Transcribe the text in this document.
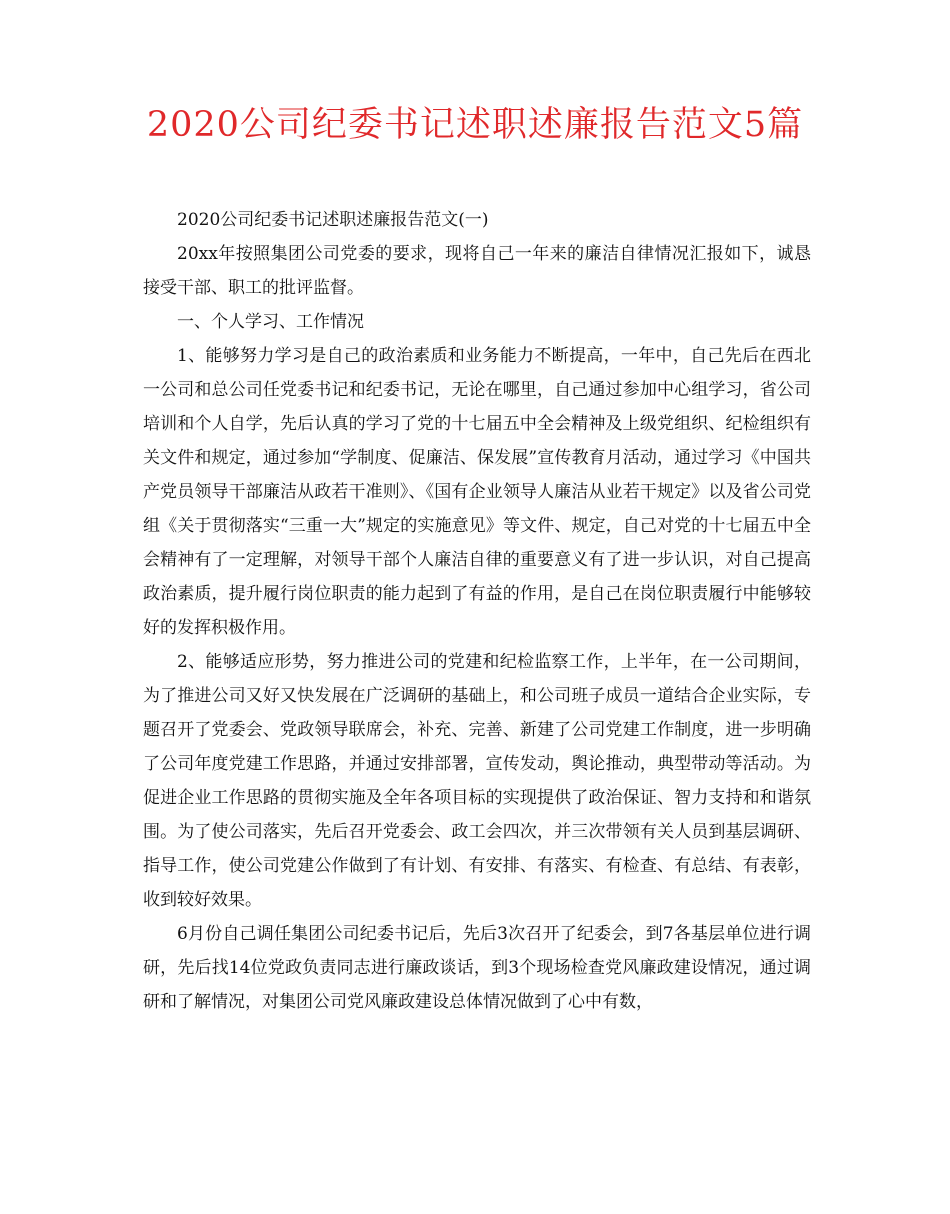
2020公司纪委书记述职述廉报告范文5篇

2020公司纪委书记述职述廉报告范文(一)

20xx年按照集团公司党委的要求，现将自己一年来的廉洁自律情况汇报如下，诚恳接受干部、职工的批评监督。

一、个人学习、工作情况

1、能够努力学习是自己的政治素质和业务能力不断提高，一年中，自己先后在西北一公司和总公司任党委书记和纪委书记，无论在哪里，自己通过参加中心组学习，省公司培训和个人自学，先后认真的学习了党的十七届五中全会精神及上级党组织、纪检组织有关文件和规定，通过参加“学制度、促廉洁、保发展”宣传教育月活动，通过学习《中国共产党员领导干部廉洁从政若干准则》、《国有企业领导人廉洁从业若干规定》以及省公司党组《关于贯彻落实“三重一大”规定的实施意见》等文件、规定，自己对党的十七届五中全会精神有了一定理解，对领导干部个人廉洁自律的重要意义有了进一步认识，对自己提高政治素质，提升履行岗位职责的能力起到了有益的作用，是自己在岗位职责履行中能够较好的发挥积极作用。

2、能够适应形势，努力推进公司的党建和纪检监察工作，上半年，在一公司期间，为了推进公司又好又快发展在广泛调研的基础上，和公司班子成员一道结合企业实际，专题召开了党委会、党政领导联席会，补充、完善、新建了公司党建工作制度，进一步明确了公司年度党建工作思路，并通过安排部署，宣传发动，舆论推动，典型带动等活动。为促进企业工作思路的贯彻实施及全年各项目标的实现提供了政治保证、智力支持和和谐氛围。为了使公司落实，先后召开党委会、政工会四次，并三次带领有关人员到基层调研、指导工作，使公司党建公作做到了有计划、有安排、有落实、有检查、有总结、有表彰，收到较好效果。

6月份自己调任集团公司纪委书记后，先后3次召开了纪委会，到7各基层单位进行调研，先后找14位党政负责同志进行廉政谈话，到3个现场检查党风廉政建设情况，通过调研和了解情况，对集团公司党风廉政建设总体情况做到了心中有数，
